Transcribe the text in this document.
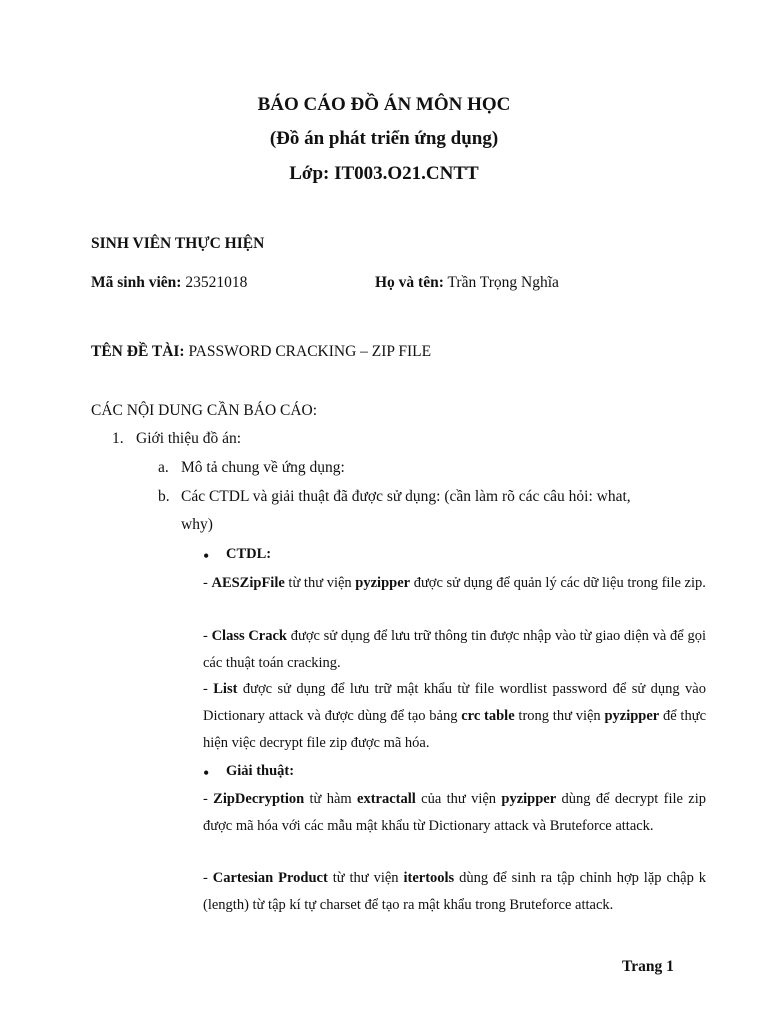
BÁO CÁO ĐỒ ÁN MÔN HỌC
(Đồ án phát triển ứng dụng)
Lớp: IT003.O21.CNTT
SINH VIÊN THỰC HIỆN
Mã sinh viên: 23521018	Họ và tên: Trần Trọng Nghĩa
TÊN ĐỀ TÀI: PASSWORD CRACKING – ZIP FILE
CÁC NỘI DUNG CẦN BÁO CÁO:
1. Giới thiệu đồ án:
a. Mô tả chung về ứng dụng:
b. Các CTDL và giải thuật đã được sử dụng: (cần làm rõ các câu hỏi: what,
why)
• CTDL:
- AESZipFile từ thư viện pyzipper được sử dụng để quản lý các dữ liệu trong file zip.
- Class Crack được sử dụng để lưu trữ thông tin được nhập vào từ giao diện và để gọi các thuật toán cracking.
- List được sử dụng để lưu trữ mật khẩu từ file wordlist password để sử dụng vào Dictionary attack và được dùng để tạo bảng crc table trong thư viện pyzipper để thực hiện việc decrypt file zip được mã hóa.
• Giải thuật:
- ZipDecryption từ hàm extractall của thư viện pyzipper dùng để decrypt file zip được mã hóa với các mẫu mật khẩu từ Dictionary attack và Bruteforce attack.
- Cartesian Product từ thư viện itertools dùng để sinh ra tập chỉnh hợp lặp chập k (length) từ tập kí tự charset để tạo ra mật khẩu trong Bruteforce attack.
Trang 1
